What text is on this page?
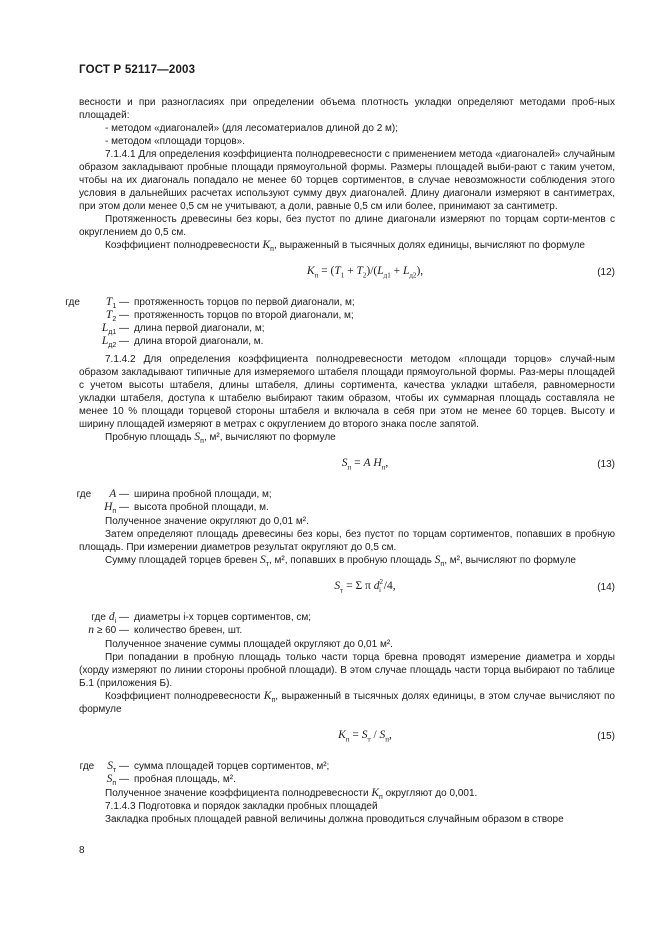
ГОСТ Р 52117—2003

весности и при разногласиях при определении объема плотность укладки определяют методами проб-ных площадей:

- методом «диагоналей» (для лесоматериалов длиной до 2 м);

- методом «площади торцов».

7.1.4.1 Для определения коэффициента полнодревесности с применением метода «диагоналей» случайным образом закладывают пробные площади прямоугольной формы. Размеры площадей выби-рают с таким учетом, чтобы на их диагональ попадало не менее 60 торцев сортиментов, в случае невозможности соблюдения этого условия в дальнейших расчетах используют сумму двух диагоналей. Длину диагонали измеряют в сантиметрах, при этом доли менее 0,5 см не учитывают, а доли, равные 0,5 см или более, принимают за сантиметр.

Протяженность древесины без коры, без пустот по длине диагонали измеряют по торцам сорти-ментов с округлением до 0,5 см.

Коэффициент полнодревесности $K_п$, выраженный в тысячных долях единицы, вычисляют по формуле

$K_п = (T_1 + T_2)/(L_{д1} + L_{д2})$,	(12)
где $T_1$ — протяженность торцов по первой диагонали, м;
$T_2$ — протяженность торцов по второй диагонали, м;
$L_{д1}$ — длина первой диагонали, м;
$L_{д2}$ — длина второй диагонали, м.

7.1.4.2 Для определения коэффициента полнодревесности методом «площади торцов» случай-ным образом закладывают типичные для измеряемого штабеля площади прямоугольной формы. Раз-меры площадей с учетом высоты штабеля, длины штабеля, длины сортимента, качества укладки штабеля, равномерности укладки штабеля, доступа к штабелю выбирают таким образом, чтобы их суммарная площадь составляла не менее 10 % площади торцевой стороны штабеля и включала в себя при этом не менее 60 торцев. Высоту и ширину площадей измеряют в метрах с округлением до второго знака после запятой.

Пробную площадь $S_п$, м², вычисляют по формуле

$S_п = A$ $H_п$,	(13)
где A — ширина пробной площади, м;
$H_п$ — высота пробной площади, м.

Полученное значение округляют до 0,01 м².

Затем определяют площадь древесины без коры, без пустот по торцам сортиментов, попавших в пробную площадь. При измерении диаметров результат округляют до 0,5 см.

Сумму площадей торцев бревен $S_т$, м², попавших в пробную площадь $S_п$, м², вычисляют по формуле

$S_т = \Sigma$ π $d^2_i$ /4,	(14)
где $d_i$ — диаметры i-х торцев сортиментов, см;
n ≥ 60 — количество бревен, шт.

Полученное значение суммы площадей округляют до 0,01 м².

При попадании в пробную площадь только части торца бревна проводят измерение диаметра и хорды (хорду измеряют по линии стороны пробной площади). В этом случае площадь части торца выбирают по таблице Б.1 (приложения Б).

Коэффициент полнодревесности $K_п$, выраженный в тысячных долях единицы, в этом случае вычисляют по формуле

$K_п = S_т / S_п$,	(15)
где $S_т$ — сумма площадей торцев сортиментов, м²;
$S_п$ — пробная площадь, м².

Полученное значение коэффициента полнодревесности $K_п$ округляют до 0,001.

7.1.4.3 Подготовка и порядок закладки пробных площадей

Закладка пробных площадей равной величины должна проводиться случайным образом в створе

8
